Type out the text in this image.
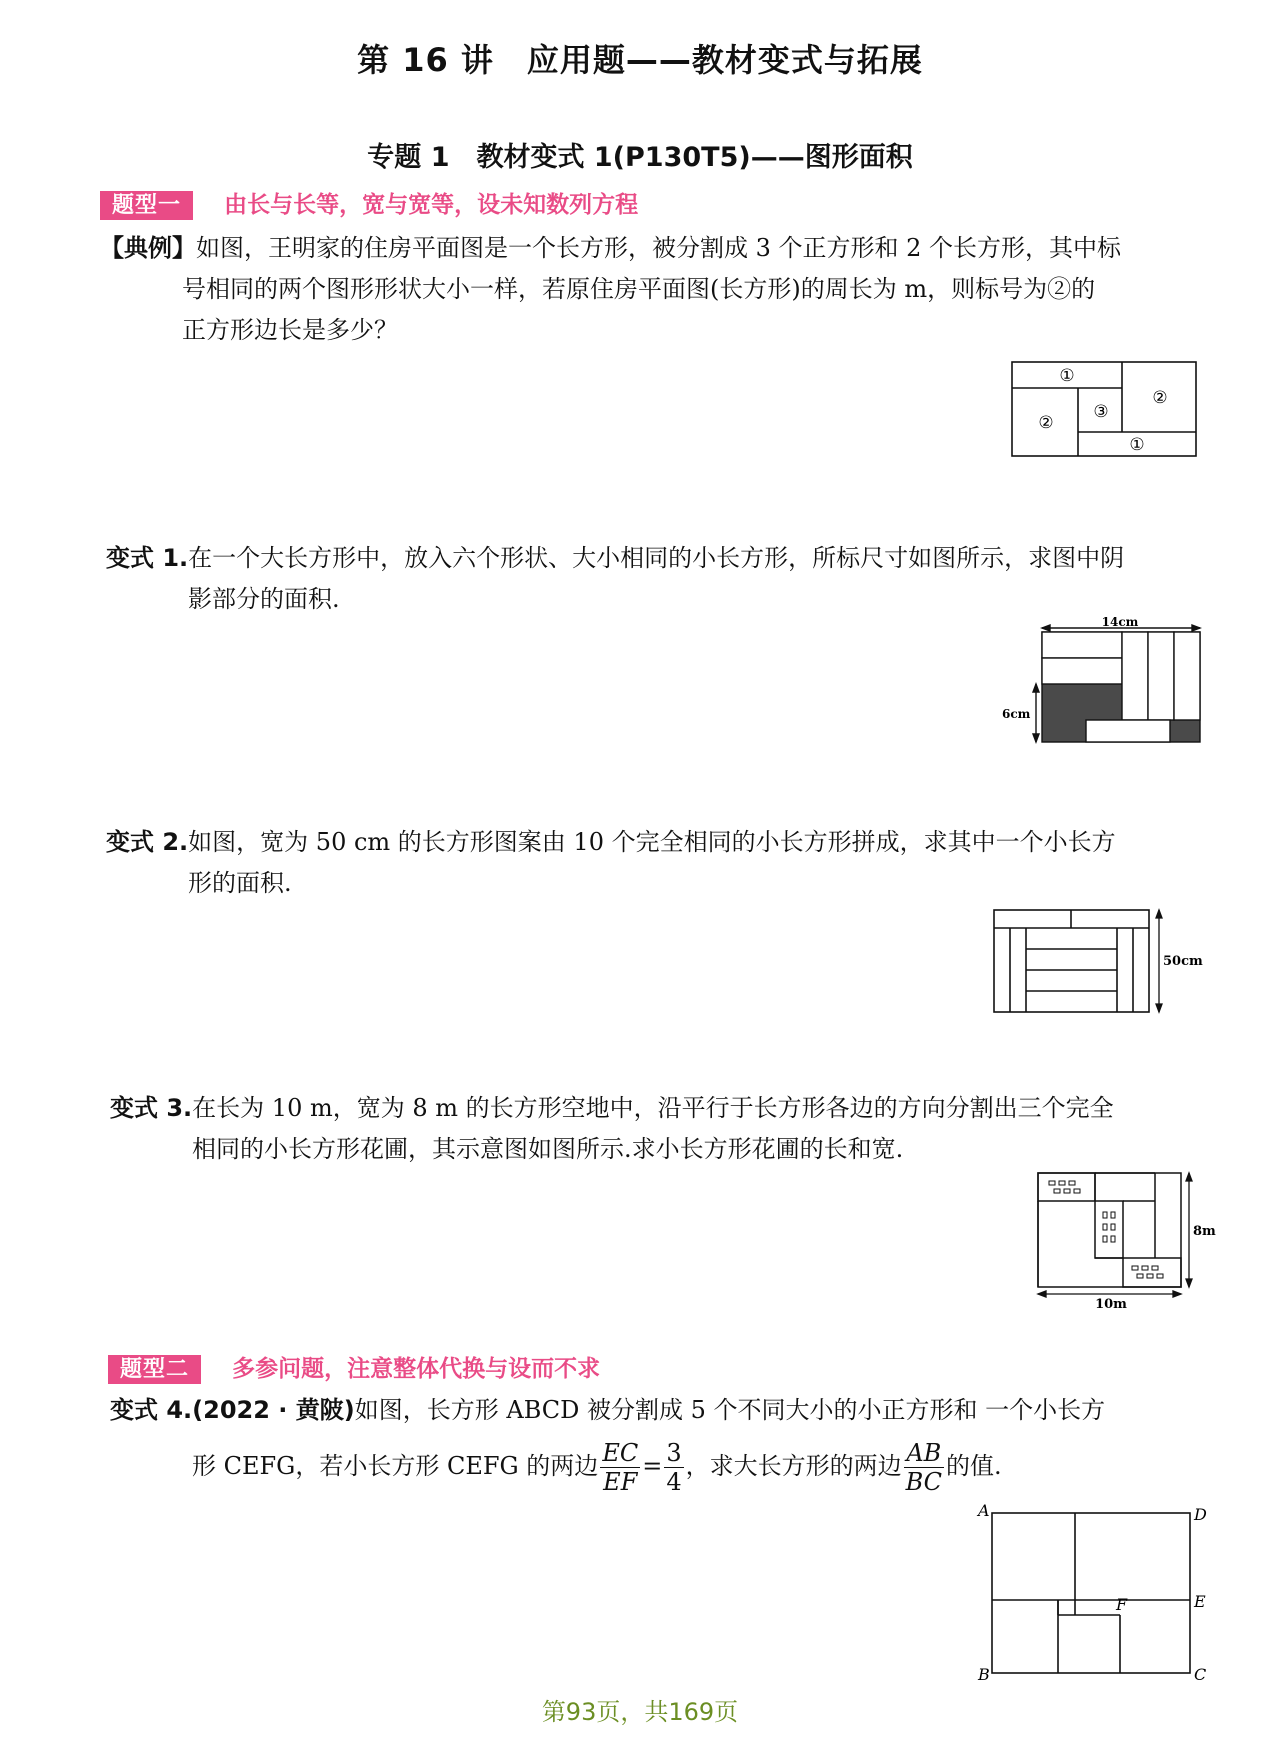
第 16 讲　应用题——教材变式与拓展
专题 1　教材变式 1(P130T5)——图形面积
题型一 由长与长等，宽与宽等，设未知数列方程
【典例】如图，王明家的住房平面图是一个长方形，被分割成 3 个正方形和 2 个长方形，其中标
号相同的两个图形形状大小一样，若原住房平面图(长方形)的周长为 m，则标号为②的
正方形边长是多少？
①
②
③
②
①
变式 1.在一个大长方形中，放入六个形状、大小相同的小长方形，所标尺寸如图所示，求图中阴
影部分的面积.
14cm
6cm
变式 2.如图，宽为 50 cm 的长方形图案由 10 个完全相同的小长方形拼成，求其中一个小长方
形的面积.
50cm
变式 3.在长为 10 m，宽为 8 m 的长方形空地中，沿平行于长方形各边的方向分割出三个完全
相同的小长方形花圃，其示意图如图所示.求小长方形花圃的长和宽.
8m
10m
题型二 多参问题，注意整体代换与设而不求
变式 4.(2022 · 黄陂)如图，长方形 ABCD 被分割成 5 个不同大小的小正方形和 一个小长方
形 CEFG，若小长方形 CEFG 的两边 $\frac{EC}{EF} = \frac{3}{4}$ ，求大长方形的两边 $\frac{AB}{BC}$ 的值.
A
B	C
D
E
F
第93页，共169页
